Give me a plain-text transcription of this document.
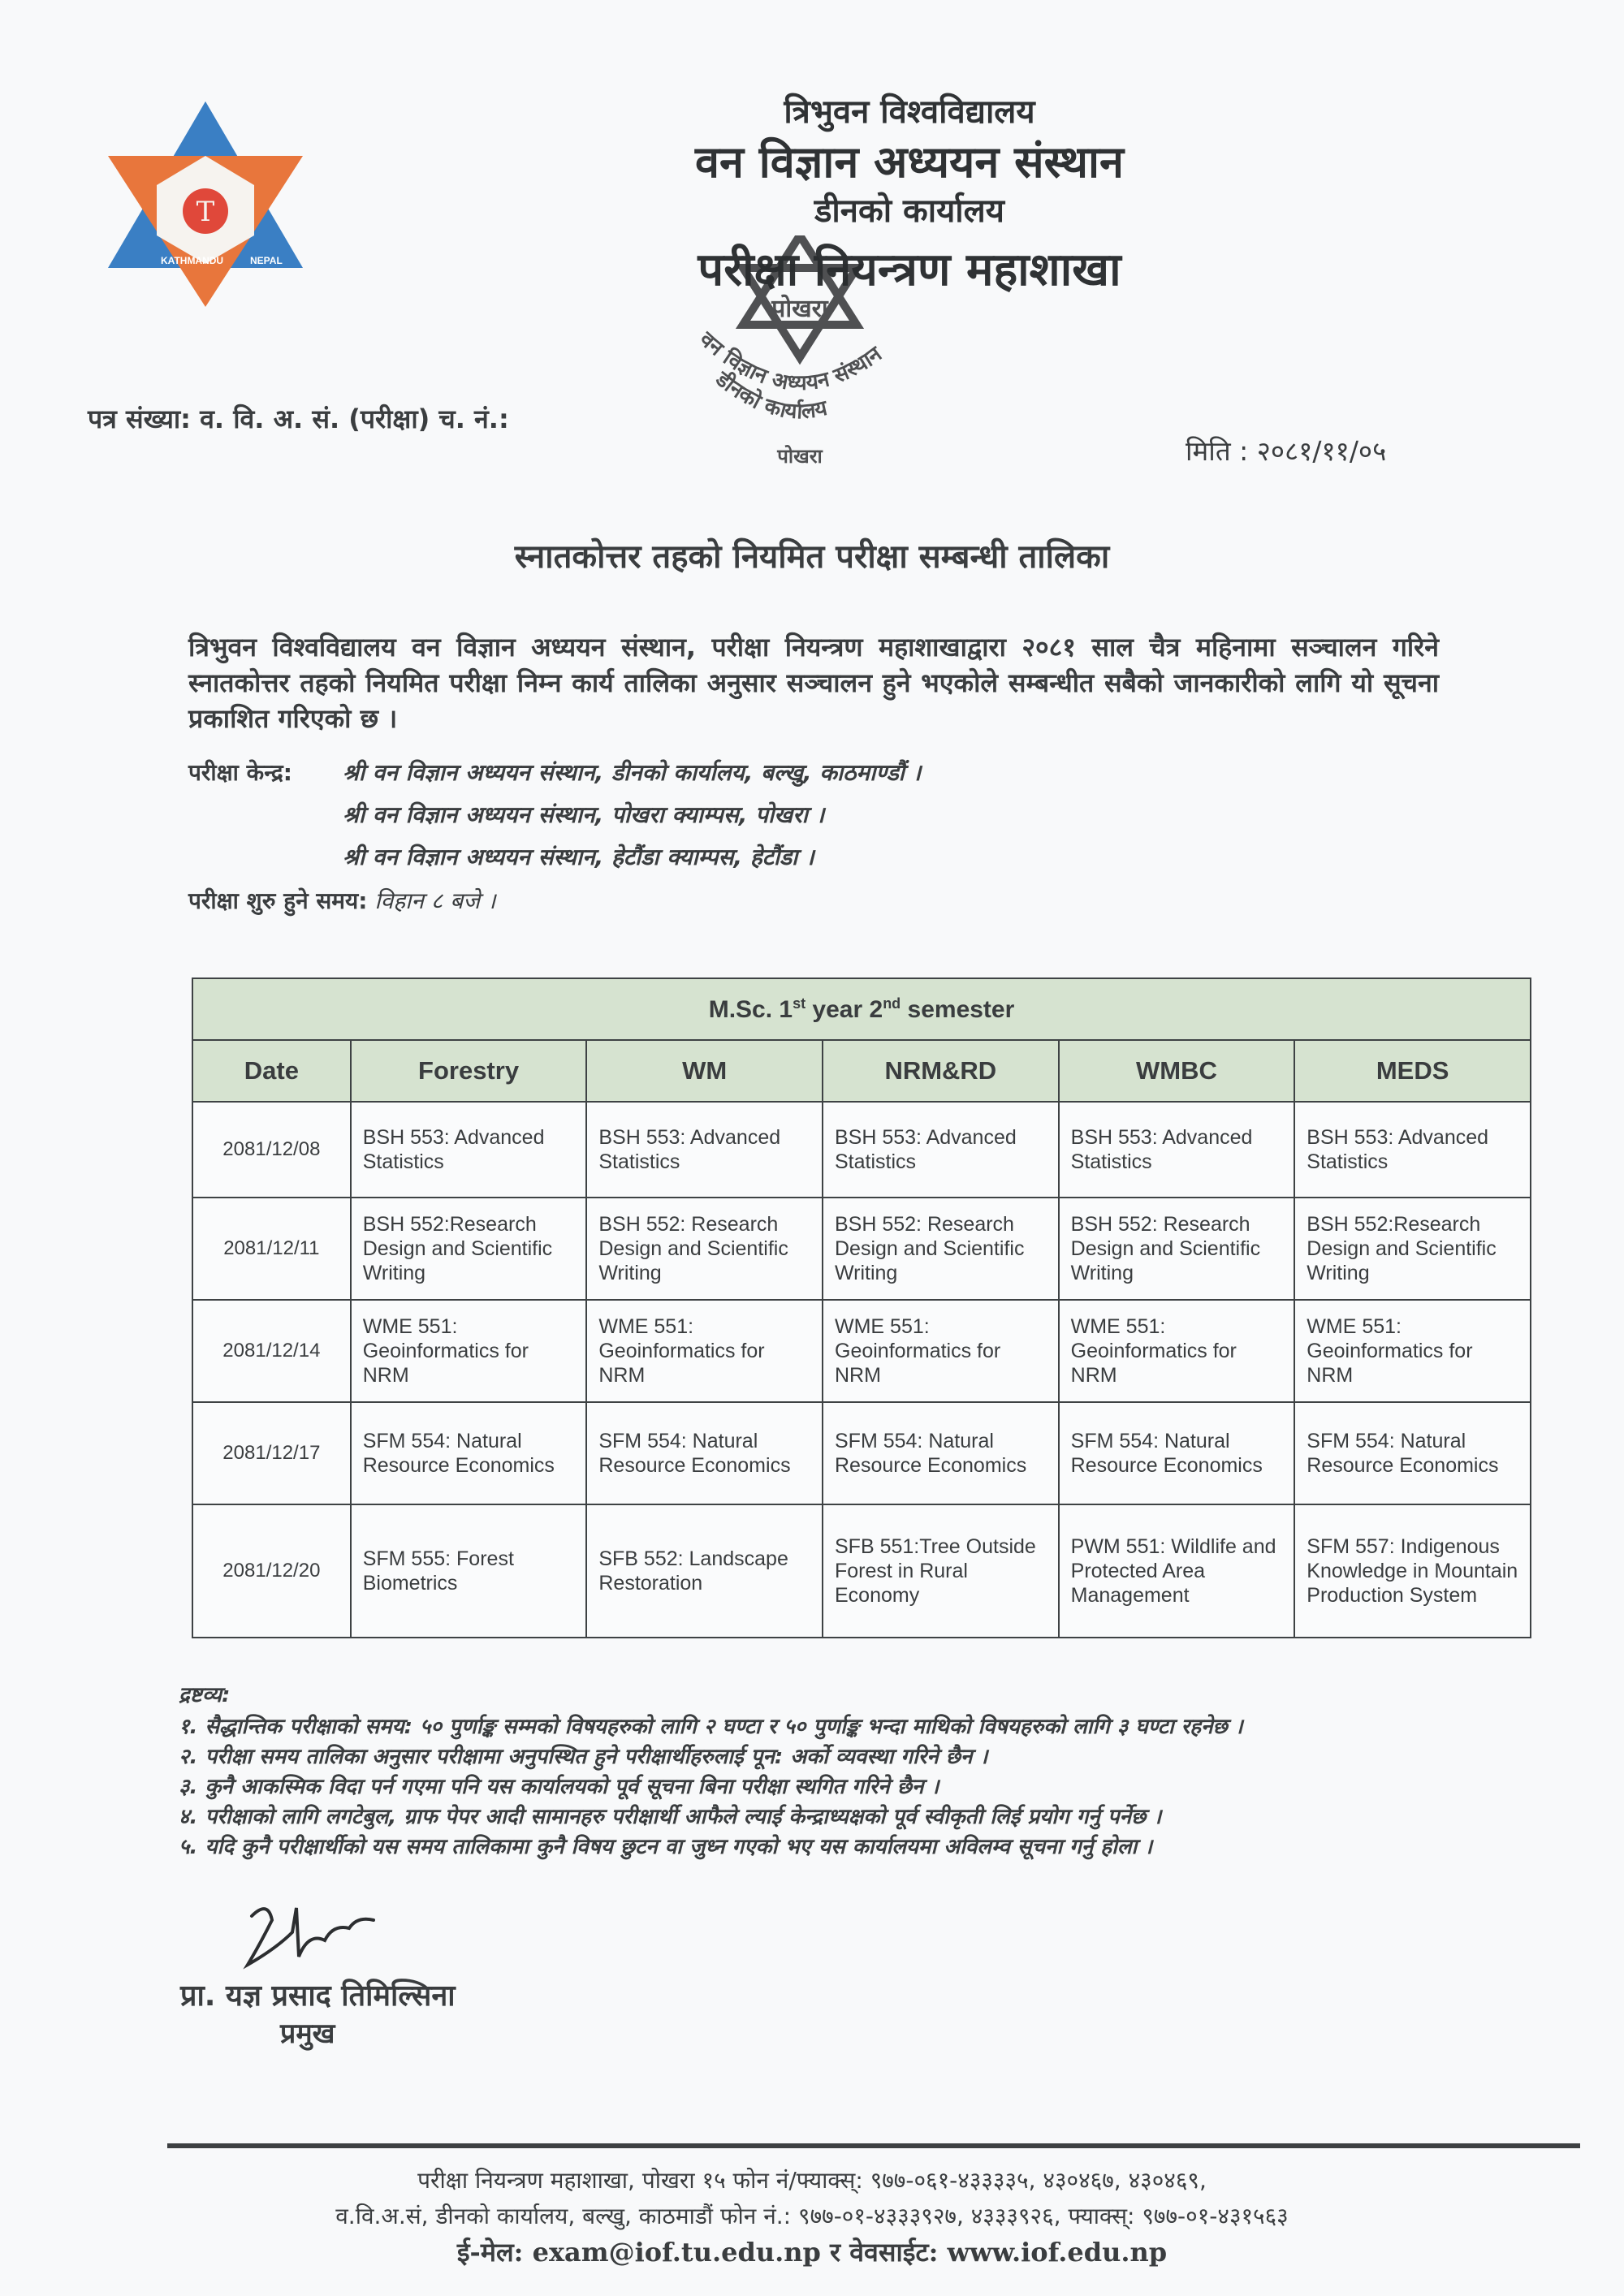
T
KATHMANDU	NEPAL
त्रिभुवन विश्वविद्यालय
वन विज्ञान अध्ययन संस्थान
डीनको कार्यालय
परीक्षा नियन्त्रण महाशाखा
पोखरा
वन विज्ञान अध्ययन संस्थान
डीनको कार्यालय
पोखरा
पत्र संख्या: व. वि. अ. सं. (परीक्षा) च. नं.:
मिति : २०८१/११/०५
स्नातकोत्तर तहको नियमित परीक्षा सम्बन्धी तालिका
त्रिभुवन विश्वविद्यालय वन विज्ञान अध्ययन संस्थान, परीक्षा नियन्त्रण महाशाखाद्वारा २०८१ साल चैत्र महिनामा सञ्चालन गरिने स्नातकोत्तर तहको नियमित परीक्षा निम्न कार्य तालिका अनुसार सञ्चालन हुने भएकोले सम्बन्धीत सबैको जानकारीको लागि यो सूचना प्रकाशित गरिएको छ ।
परीक्षा केन्द्र:	श्री वन विज्ञान अध्ययन संस्थान, डीनको कार्यालय, बल्खु, काठमाण्डौं ।
श्री वन विज्ञान अध्ययन संस्थान, पोखरा क्याम्पस, पोखरा ।
श्री वन विज्ञान अध्ययन संस्थान, हेटौंडा क्याम्पस, हेटौंडा ।
परीक्षा शुरु हुने समय: विहान ८ बजे ।
M.Sc. 1st year 2nd semester					
Date	Forestry	WM	NRM&RD	WMBC	MEDS
2081/12/08	BSH 553: Advanced Statistics	BSH 553: Advanced Statistics	BSH 553: Advanced Statistics	BSH 553: Advanced Statistics	BSH 553: Advanced Statistics
2081/12/11	BSH 552:Research Design and Scientific Writing	BSH 552: Research Design and Scientific Writing	BSH 552: Research Design and Scientific Writing	BSH 552: Research Design and Scientific Writing	BSH 552:Research Design and Scientific Writing
2081/12/14	WME 551: Geoinformatics for NRM	WME 551: Geoinformatics for NRM	WME 551: Geoinformatics for NRM	WME 551: Geoinformatics for NRM	WME 551: Geoinformatics for NRM
2081/12/17	SFM 554: Natural Resource Economics	SFM 554: Natural Resource Economics	SFM 554: Natural Resource Economics	SFM 554: Natural Resource Economics	SFM 554: Natural Resource Economics
2081/12/20	SFM 555: Forest Biometrics	SFB 552: Landscape Restoration	SFB 551:Tree Outside Forest in Rural Economy	PWM 551: Wildlife and Protected Area Management	SFM 557: Indigenous Knowledge in Mountain Production System
द्रष्टव्य:
१. सैद्धान्तिक परीक्षाको समय: ५० पुर्णाङ्क सम्मको विषयहरुको लागि २ घण्टा र ५० पुर्णाङ्क भन्दा माथिको विषयहरुको लागि ३ घण्टा रहनेछ ।
२. परीक्षा समय तालिका अनुसार परीक्षामा अनुपस्थित हुने परीक्षार्थीहरुलाई पून: अर्को व्यवस्था गरिने छैन ।
३. कुनै आकस्मिक विदा पर्न गएमा पनि यस कार्यालयको पूर्व सूचना बिना परीक्षा स्थगित गरिने छैन ।
४. परीक्षाको लागि लगटेबुल, ग्राफ पेपर आदी सामानहरु परीक्षार्थी आफैले ल्याई केन्द्राध्यक्षको पूर्व स्वीकृती लिई प्रयोग गर्नु पर्नेछ ।
५. यदि कुनै परीक्षार्थीको यस समय तालिकामा कुनै विषय छुटन वा जुध्न गएको भए यस कार्यालयमा अविलम्व सूचना गर्नु होला ।
प्रा. यज्ञ प्रसाद तिमिल्सिना
प्रमुख
परीक्षा नियन्त्रण महाशाखा, पोखरा १५ फोन नं/फ्याक्स्: ९७७-०६१-४३३३३५, ४३०४६७, ४३०४६९,
व.वि.अ.सं, डीनको कार्यालय, बल्खु, काठमाडौं फोन नं.: ९७७-०१-४३३३९२७, ४३३३९२६, फ्याक्स्: ९७७-०१-४३१५६३
ई-मेल: exam@iof.tu.edu.np र वेवसाईट: www.iof.edu.np
